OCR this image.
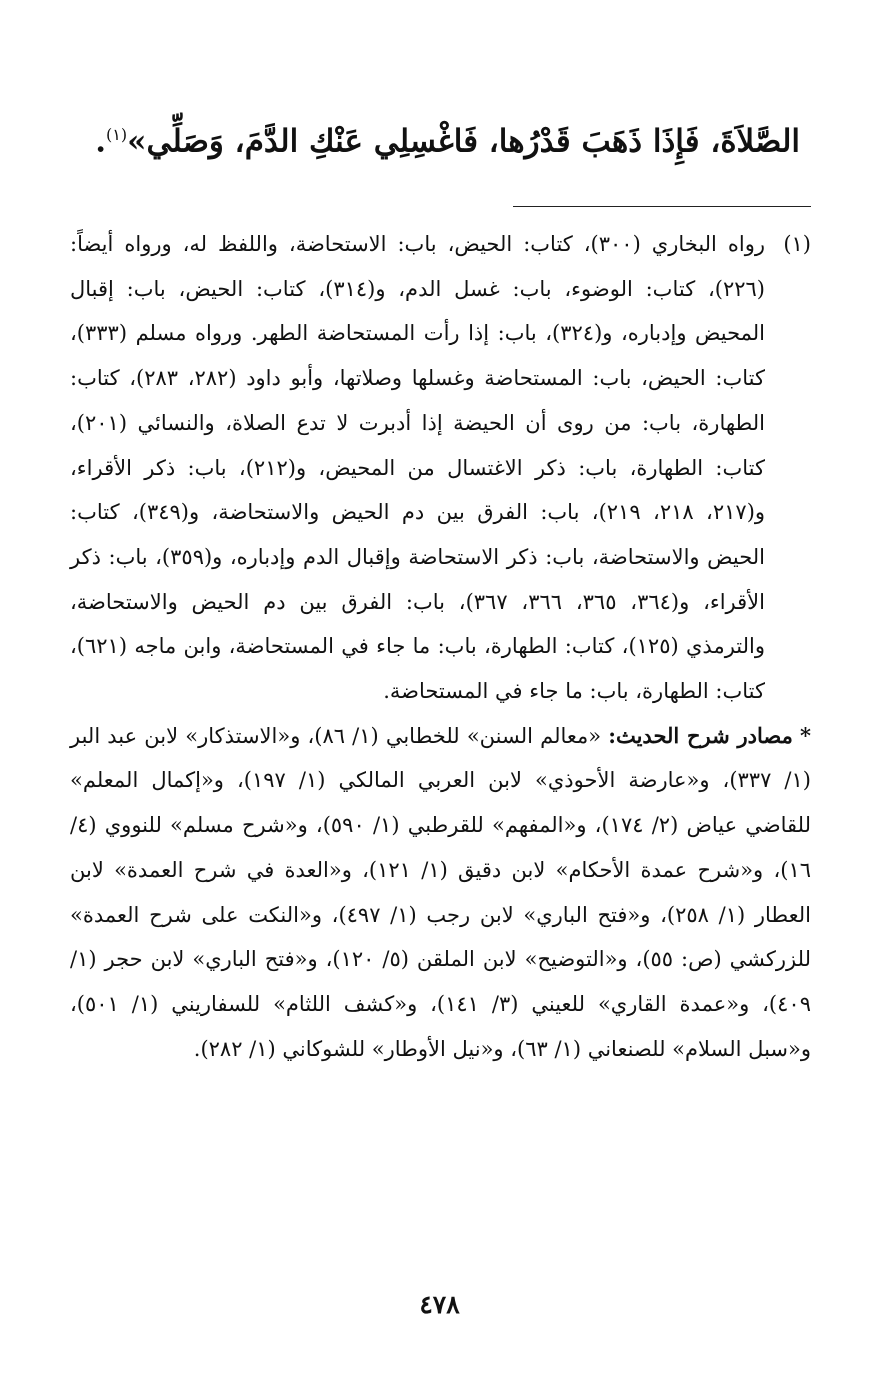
الصَّلاَةَ، فَإِذَا ذَهَبَ قَدْرُها، فَاغْسِلِي عَنْكِ الدَّمَ، وَصَلِّي»$^{(١)}$.
(١)
رواه البخاري (٣٠٠)، كتاب: الحيض، باب: الاستحاضة، واللفظ له، ورواه أيضاً: (٢٢٦)، كتاب: الوضوء، باب: غسل الدم، و(٣١٤)، كتاب: الحيض، باب: إقبال المحيض وإدباره، و(٣٢٤)، باب: إذا رأت المستحاضة الطهر. ورواه مسلم (٣٣٣)، كتاب: الحيض، باب: المستحاضة وغسلها وصلاتها، وأبو داود (٢٨٢، ٢٨٣)، كتاب: الطهارة، باب: من روى أن الحيضة إذا أدبرت لا تدع الصلاة، والنسائي (٢٠١)، كتاب: الطهارة، باب: ذكر الاغتسال من المحيض، و(٢١٢)، باب: ذكر الأقراء، و(٢١٧، ٢١٨، ٢١٩)، باب: الفرق بين دم الحيض والاستحاضة، و(٣٤٩)، كتاب: الحيض والاستحاضة، باب: ذكر الاستحاضة وإقبال الدم وإدباره، و(٣٥٩)، باب: ذكر الأقراء، و(٣٦٤، ٣٦٥، ٣٦٦، ٣٦٧)، باب: الفرق بين دم الحيض والاستحاضة، والترمذي (١٢٥)، كتاب: الطهارة، باب: ما جاء في المستحاضة، وابن ماجه (٦٢١)، كتاب: الطهارة، باب: ما جاء في المستحاضة.
* مصادر شرح الحديث: «معالم السنن» للخطابي (١/ ٨٦)، و«الاستذكار» لابن عبد البر (١/ ٣٣٧)، و«عارضة الأحوذي» لابن العربي المالكي (١/ ١٩٧)، و«إكمال المعلم» للقاضي عياض (٢/ ١٧٤)، و«المفهم» للقرطبي (١/ ٥٩٠)، و«شرح مسلم» للنووي (٤/ ١٦)، و«شرح عمدة الأحكام» لابن دقيق (١/ ١٢١)، و«العدة في شرح العمدة» لابن العطار (١/ ٢٥٨)، و«فتح الباري» لابن رجب (١/ ٤٩٧)، و«النكت على شرح العمدة» للزركشي (ص: ٥٥)، و«التوضيح» لابن الملقن (٥/ ١٢٠)، و«فتح الباري» لابن حجر (١/ ٤٠٩)، و«عمدة القاري» للعيني (٣/ ١٤١)، و«كشف اللثام» للسفاريني (١/ ٥٠١)، و«سبل السلام» للصنعاني (١/ ٦٣)، و«نيل الأوطار» للشوكاني (١/ ٢٨٢).
٤٧٨
